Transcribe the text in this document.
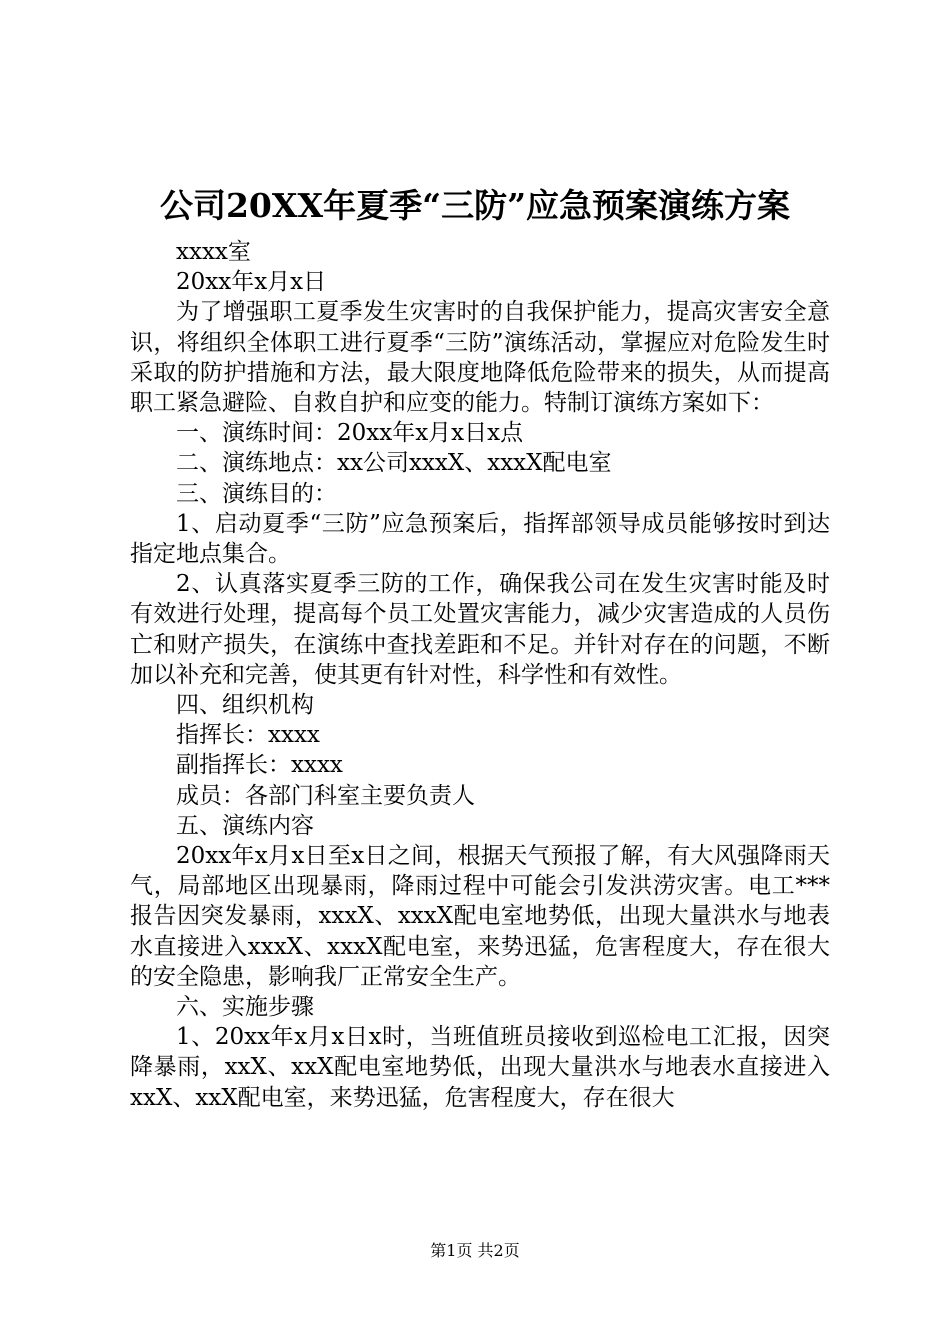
公司20XX年夏季“三防”应急预案演练方案
xxxx室
20xx年x月x日

为了增强职工夏季发生灾害时的自我保护能力，提高灾害安全意识，将组织全体职工进行夏季“三防”演练活动，掌握应对危险发生时采取的防护措施和方法，最大限度地降低危险带来的损失，从而提高职工紧急避险、自救自护和应变的能力。特制订演练方案如下：

一、演练时间：20xx年x月x日x点

二、演练地点：xx公司xxxX、xxxX配电室

三、演练目的：

1、启动夏季“三防”应急预案后，指挥部领导成员能够按时到达指定地点集合。

2、认真落实夏季三防的工作，确保我公司在发生灾害时能及时有效进行处理，提高每个员工处置灾害能力，减少灾害造成的人员伤亡和财产损失，在演练中查找差距和不足。并针对存在的问题，不断加以补充和完善，使其更有针对性，科学性和有效性。

四、组织机构

指挥长：xxxx

副指挥长：xxxx

成员：各部门科室主要负责人

五、演练内容

20xx年x月x日至x日之间，根据天气预报了解，有大风强降雨天气，局部地区出现暴雨，降雨过程中可能会引发洪涝灾害。电工***报告因突发暴雨，xxxX、xxxX配电室地势低，出现大量洪水与地表水直接进入xxxX、xxxX配电室，来势迅猛，危害程度大，存在很大的安全隐患，影响我厂正常安全生产。

六、实施步骤

1、20xx年x月x日x时，当班值班员接收到巡检电工汇报，因突降暴雨，xxX、xxX配电室地势低，出现大量洪水与地表水直接进入xxX、xxX配电室，来势迅猛，危害程度大，存在很大

第1页 共2页
